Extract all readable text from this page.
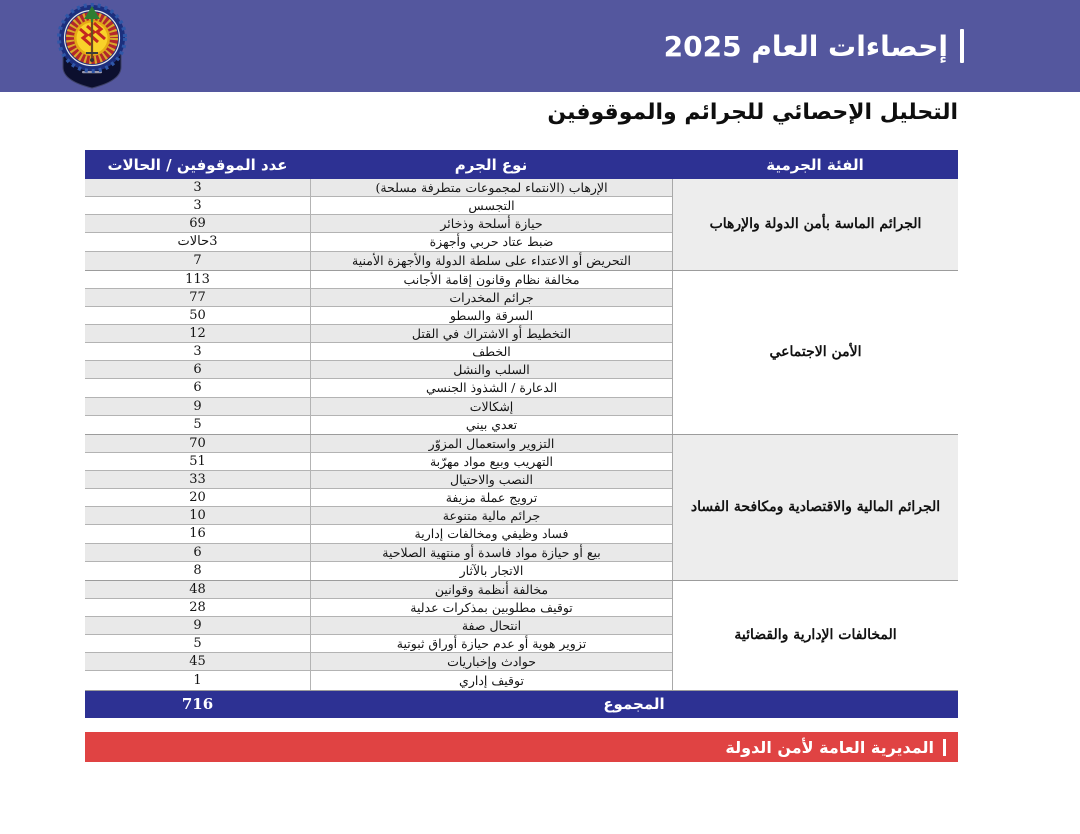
إحصاءات العام 2025
التحليل الإحصائي للجرائم والموقوفين
الفئة الجرمية
نوع الجرم
عدد الموقوفين / الحالات
الجرائم الماسة بأمن الدولة والإرهاب
الإرهاب (الانتماء لمجموعات متطرفة مسلحة)
3
التجسس
3
حيازة أسلحة وذخائر
69
ضبط عتاد حربي وأجهزة
3حالات
التحريض أو الاعتداء على سلطة الدولة والأجهزة الأمنية
7
الأمن الاجتماعي
مخالفة نظام وقانون إقامة الأجانب
113
جرائم المخدرات
77
السرقة والسطو
50
التخطيط أو الاشتراك في القتل
12
الخطف
3
السلب والنشل
6
الدعارة / الشذوذ الجنسي
6
إشكالات
9
تعدي بيني
5
الجرائم المالية والاقتصادية ومكافحة الفساد
التزوير واستعمال المزوّر
70
التهريب وبيع مواد مهرّبة
51
النصب والاحتيال
33
ترويج عملة مزيفة
20
جرائم مالية متنوعة
10
فساد وظيفي ومخالفات إدارية
16
بيع أو حيازة مواد فاسدة أو منتهية الصلاحية
6
الاتجار بالآثار
8
المخالفات الإدارية والقضائية
مخالفة أنظمة وقوانين
48
توقيف مطلوبين بمذكرات عدلية
28
انتحال صفة
9
تزوير هوية أو عدم حيازة أوراق ثبوتية
5
حوادث وإخباريات
45
توقيف إداري
1
المجموع
716
المديرية العامة لأمن الدولة
